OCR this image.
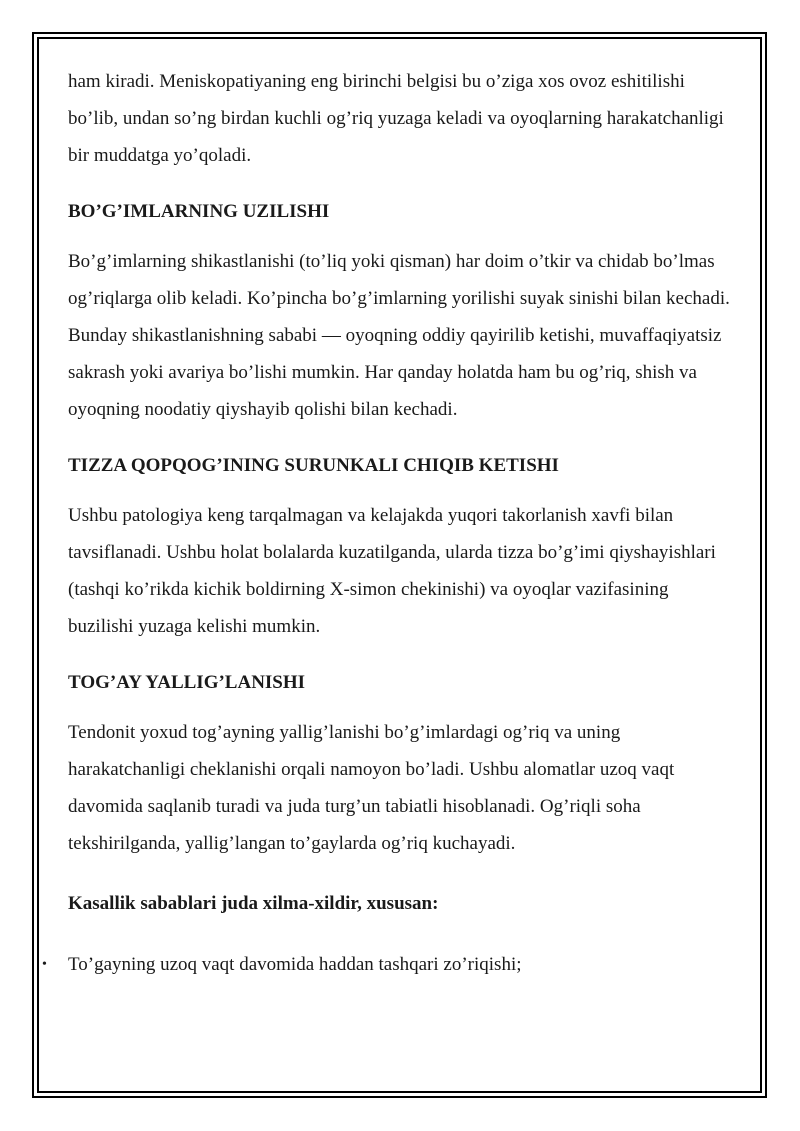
ham kiradi. Meniskopatiyaning eng birinchi belgisi bu o’ziga xos ovoz eshitilishi bo’lib, undan so’ng birdan kuchli og’riq yuzaga keladi va oyoqlarning harakatchanligi bir muddatga yo’qoladi.

BO’G’IMLARNING UZILISHI

Bo’g’imlarning shikastlanishi (to’liq yoki qisman) har doim o’tkir va chidab bo’lmas og’riqlarga olib keladi. Ko’pincha bo’g’imlarning yorilishi suyak sinishi bilan kechadi. Bunday shikastlanishning sababi — oyoqning oddiy qayirilib ketishi, muvaffaqiyatsiz sakrash yoki avariya bo’lishi mumkin. Har qanday holatda ham bu og’riq, shish va oyoqning noodatiy qiyshayib qolishi bilan kechadi.

TIZZA QOPQOG’INING SURUNKALI CHIQIB KETISHI

Ushbu patologiya keng tarqalmagan va kelajakda yuqori takorlanish xavfi bilan tavsiflanadi. Ushbu holat bolalarda kuzatilganda, ularda tizza bo’g’imi qiyshayishlari (tashqi ko’rikda kichik boldirning X-simon chekinishi) va oyoqlar vazifasining buzilishi yuzaga kelishi mumkin.

TOG’AY YALLIG’LANISHI

Tendonit yoxud tog’ayning yallig’lanishi bo’g’imlardagi og’riq va uning harakatchanligi cheklanishi orqali namoyon bo’ladi. Ushbu alomatlar uzoq vaqt davomida saqlanib turadi va juda turg’un tabiatli hisoblanadi. Og’riqli soha tekshirilganda, yallig’langan to’gaylarda og’riq kuchayadi.

Kasallik sabablari juda xilma-xildir, xususan:

• To’gayning uzoq vaqt davomida haddan tashqari zo’riqishi;
